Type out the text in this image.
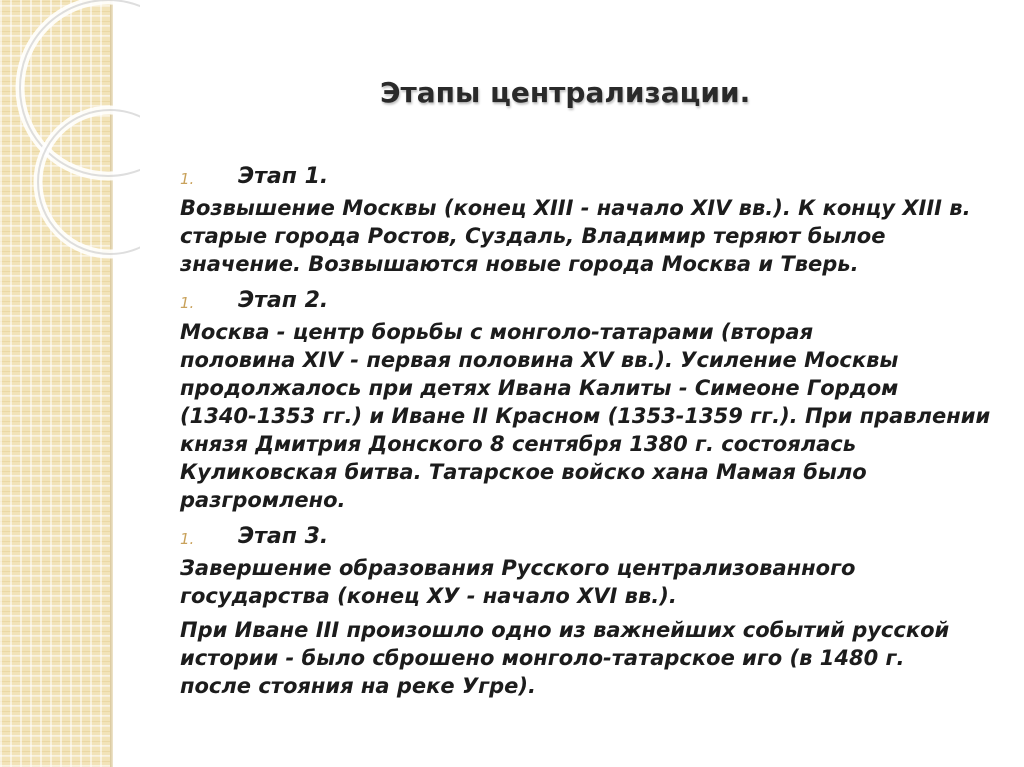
Этапы централизации.
1. Этап 1.
Возвышение Москвы (конец XIII - начало XIV вв.). К концу XIII в.
старые города Ростов, Суздаль, Владимир теряют былое
значение. Возвышаются новые города Москва и Тверь.
1. Этап 2.
Москва - центр борьбы с монголо-татарами (вторая
половина XIV - первая половина XV вв.). Усиление Москвы
продолжалось при детях Ивана Калиты - Симеоне Гордом
(1340-1353 гг.) и Иване II Красном (1353-1359 гг.). При правлении
князя Дмитрия Донского 8 сентября 1380 г. состоялась
Куликовская битва. Татарское войско хана Мамая было
разгромлено.
1. Этап 3.
Завершение образования Русского централизованного
государства (конец ХУ - начало XVI вв.).
При Иване III произошло одно из важнейших событий русской
истории - было сброшено монголо-татарское иго (в 1480 г.
после стояния на реке Угре).
